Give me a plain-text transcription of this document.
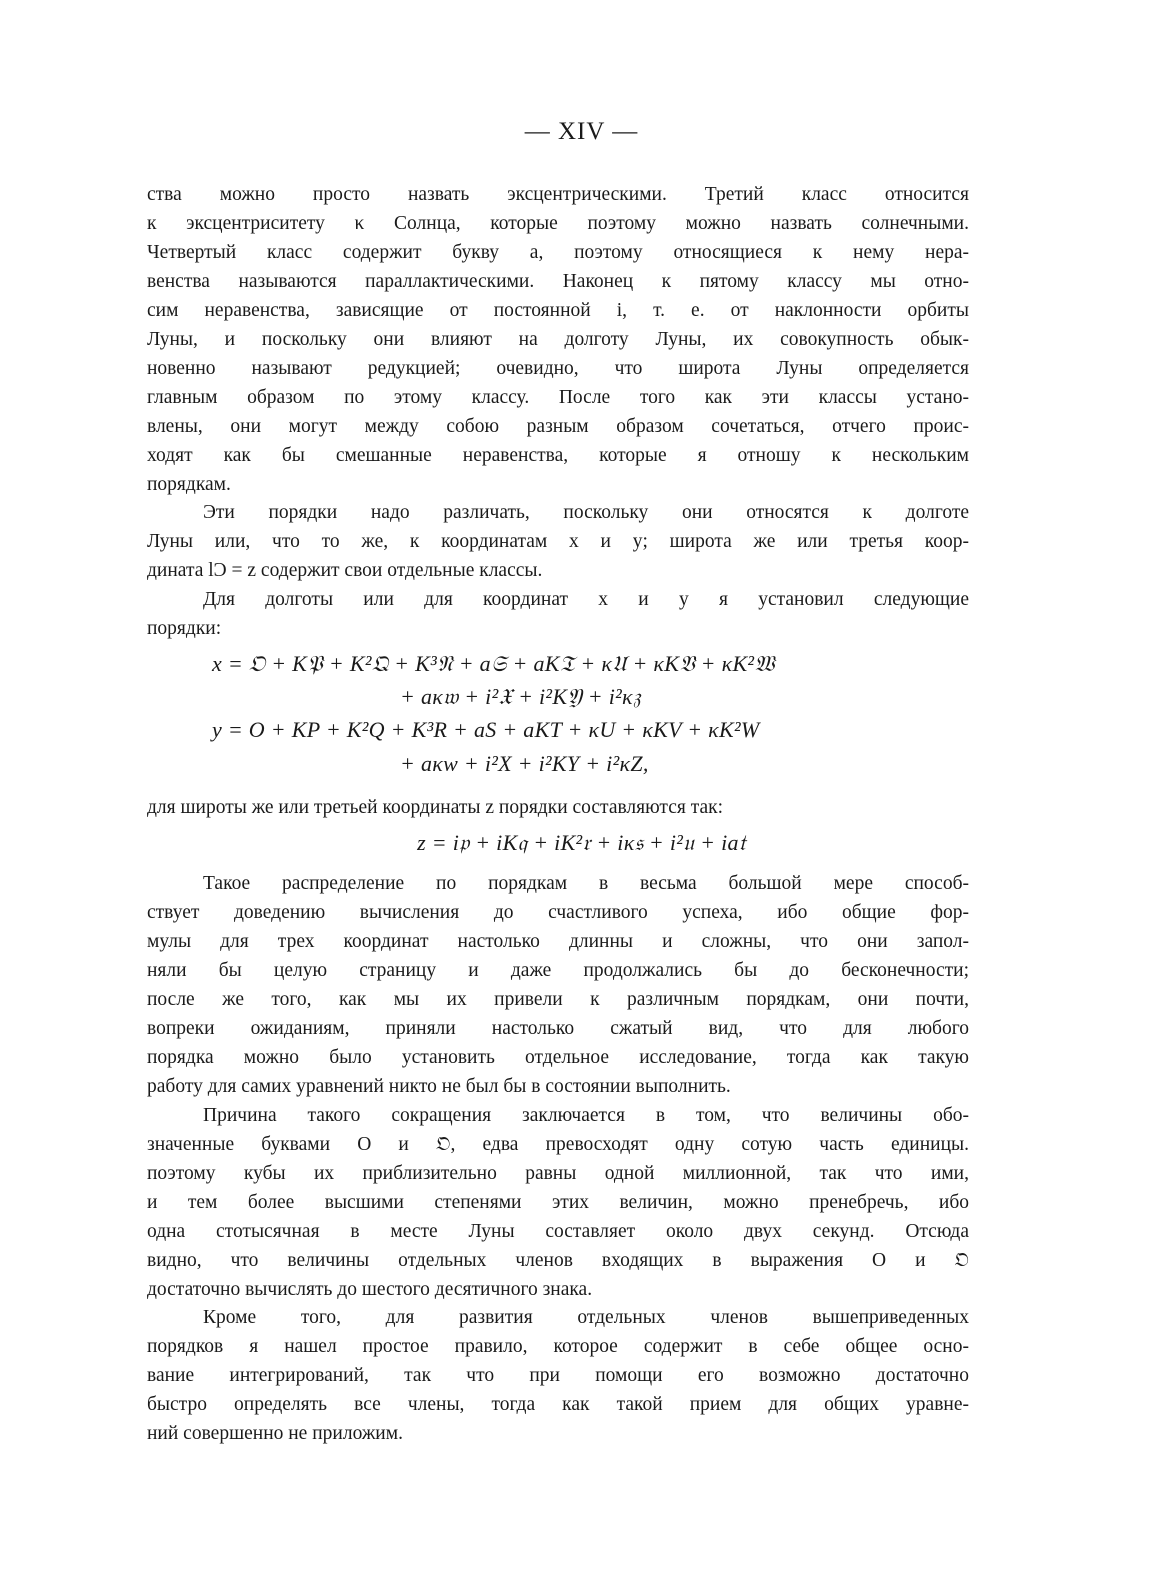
— XIV —
ства можно просто назвать эксцентрическими. Третий класс относится
к эксцентриситету κ Солнца, которые поэтому можно назвать солнечными.
Четвертый класс содержит букву a, поэтому относящиеся к нему нера-
венства называются параллактическими. Наконец к пятому классу мы отно-
сим неравенства, зависящие от постоянной i, т. е. от наклонности орбиты
Луны, и поскольку они влияют на долготу Луны, их совокупность обык-
новенно называют редукцией; очевидно, что широта Луны определяется
главным образом по этому классу. После того как эти классы устано-
влены, они могут между собою разным образом сочетаться, отчего проис-
ходят как бы смешанные неравенства, которые я отношу к нескольким
порядкам.
Эти порядки надо различать, поскольку они относятся к долготе
Луны или, что то же, к координатам x и y; широта же или третья коор-
дината lϽ = z содержит свои отдельные классы.
Для долготы или для координат x и y я установил следующие
порядки:
x = 𝔒 + K𝔓 + K²𝔔 + K³𝔑 + a𝔖 + aK𝔗 + κ𝔘 + κK𝔙 + κK²𝔚
+ aκ𝔴 + i²𝔛 + i²K𝔜 + i²κ𝔷
y = O + KP + K²Q + K³R + aS + aKT + κU + κKV + κK²W
+ aκw + i²X + i²KY + i²κZ,
для широты же или третьей координаты z порядки составляются так:
z = i𝔭 + iK𝔮 + iK²𝔯 + iκ𝔰 + i²𝔲 + ia𝔱
Такое распределение по порядкам в весьма большой мере способ-
ствует доведению вычисления до счастливого успеха, ибо общие фор-
мулы для трех координат настолько длинны и сложны, что они запол-
няли бы целую страницу и даже продолжались бы до бесконечности;
после же того, как мы их привели к различным порядкам, они почти,
вопреки ожиданиям, приняли настолько сжатый вид, что для любого
порядка можно было установить отдельное исследование, тогда как такую
работу для самих уравнений никто не был бы в состоянии выполнить.
Причина такого сокращения заключается в том, что величины обо-
значенные буквами O и 𝔒, едва превосходят одну сотую часть единицы.
поэтому кубы их приблизительно равны одной миллионной, так что ими,
и тем более высшими степенями этих величин, можно пренебречь, ибо
одна стотысячная в месте Луны составляет около двух секунд. Отсюда
видно, что величины отдельных членов входящих в выражения O и 𝔒
достаточно вычислять до шестого десятичного знака.
Кроме того, для развития отдельных членов вышеприведенных
порядков я нашел простое правило, которое содержит в себе общее осно-
вание интегрирований, так что при помощи его возможно достаточно
быстро определять все члены, тогда как такой прием для общих уравне-
ний совершенно не приложим.
